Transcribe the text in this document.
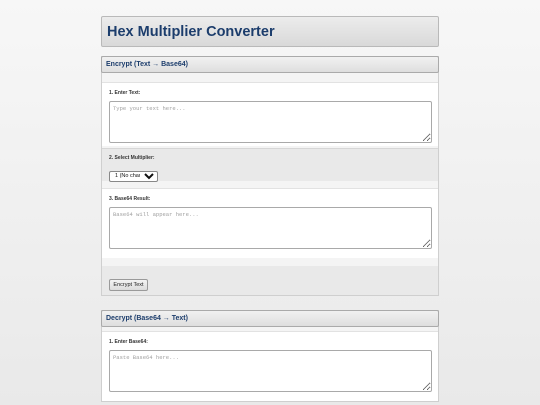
Hex Multiplier Converter
Encrypt (Text → Base64)
1. Enter Text:
Type your text here...
2. Select Multiplier:
1 (No change)
3. Base64 Result:
Base64 will appear here...
Encrypt Text
Decrypt (Base64 → Text)
1. Enter Base64:
Paste Base64 here...
